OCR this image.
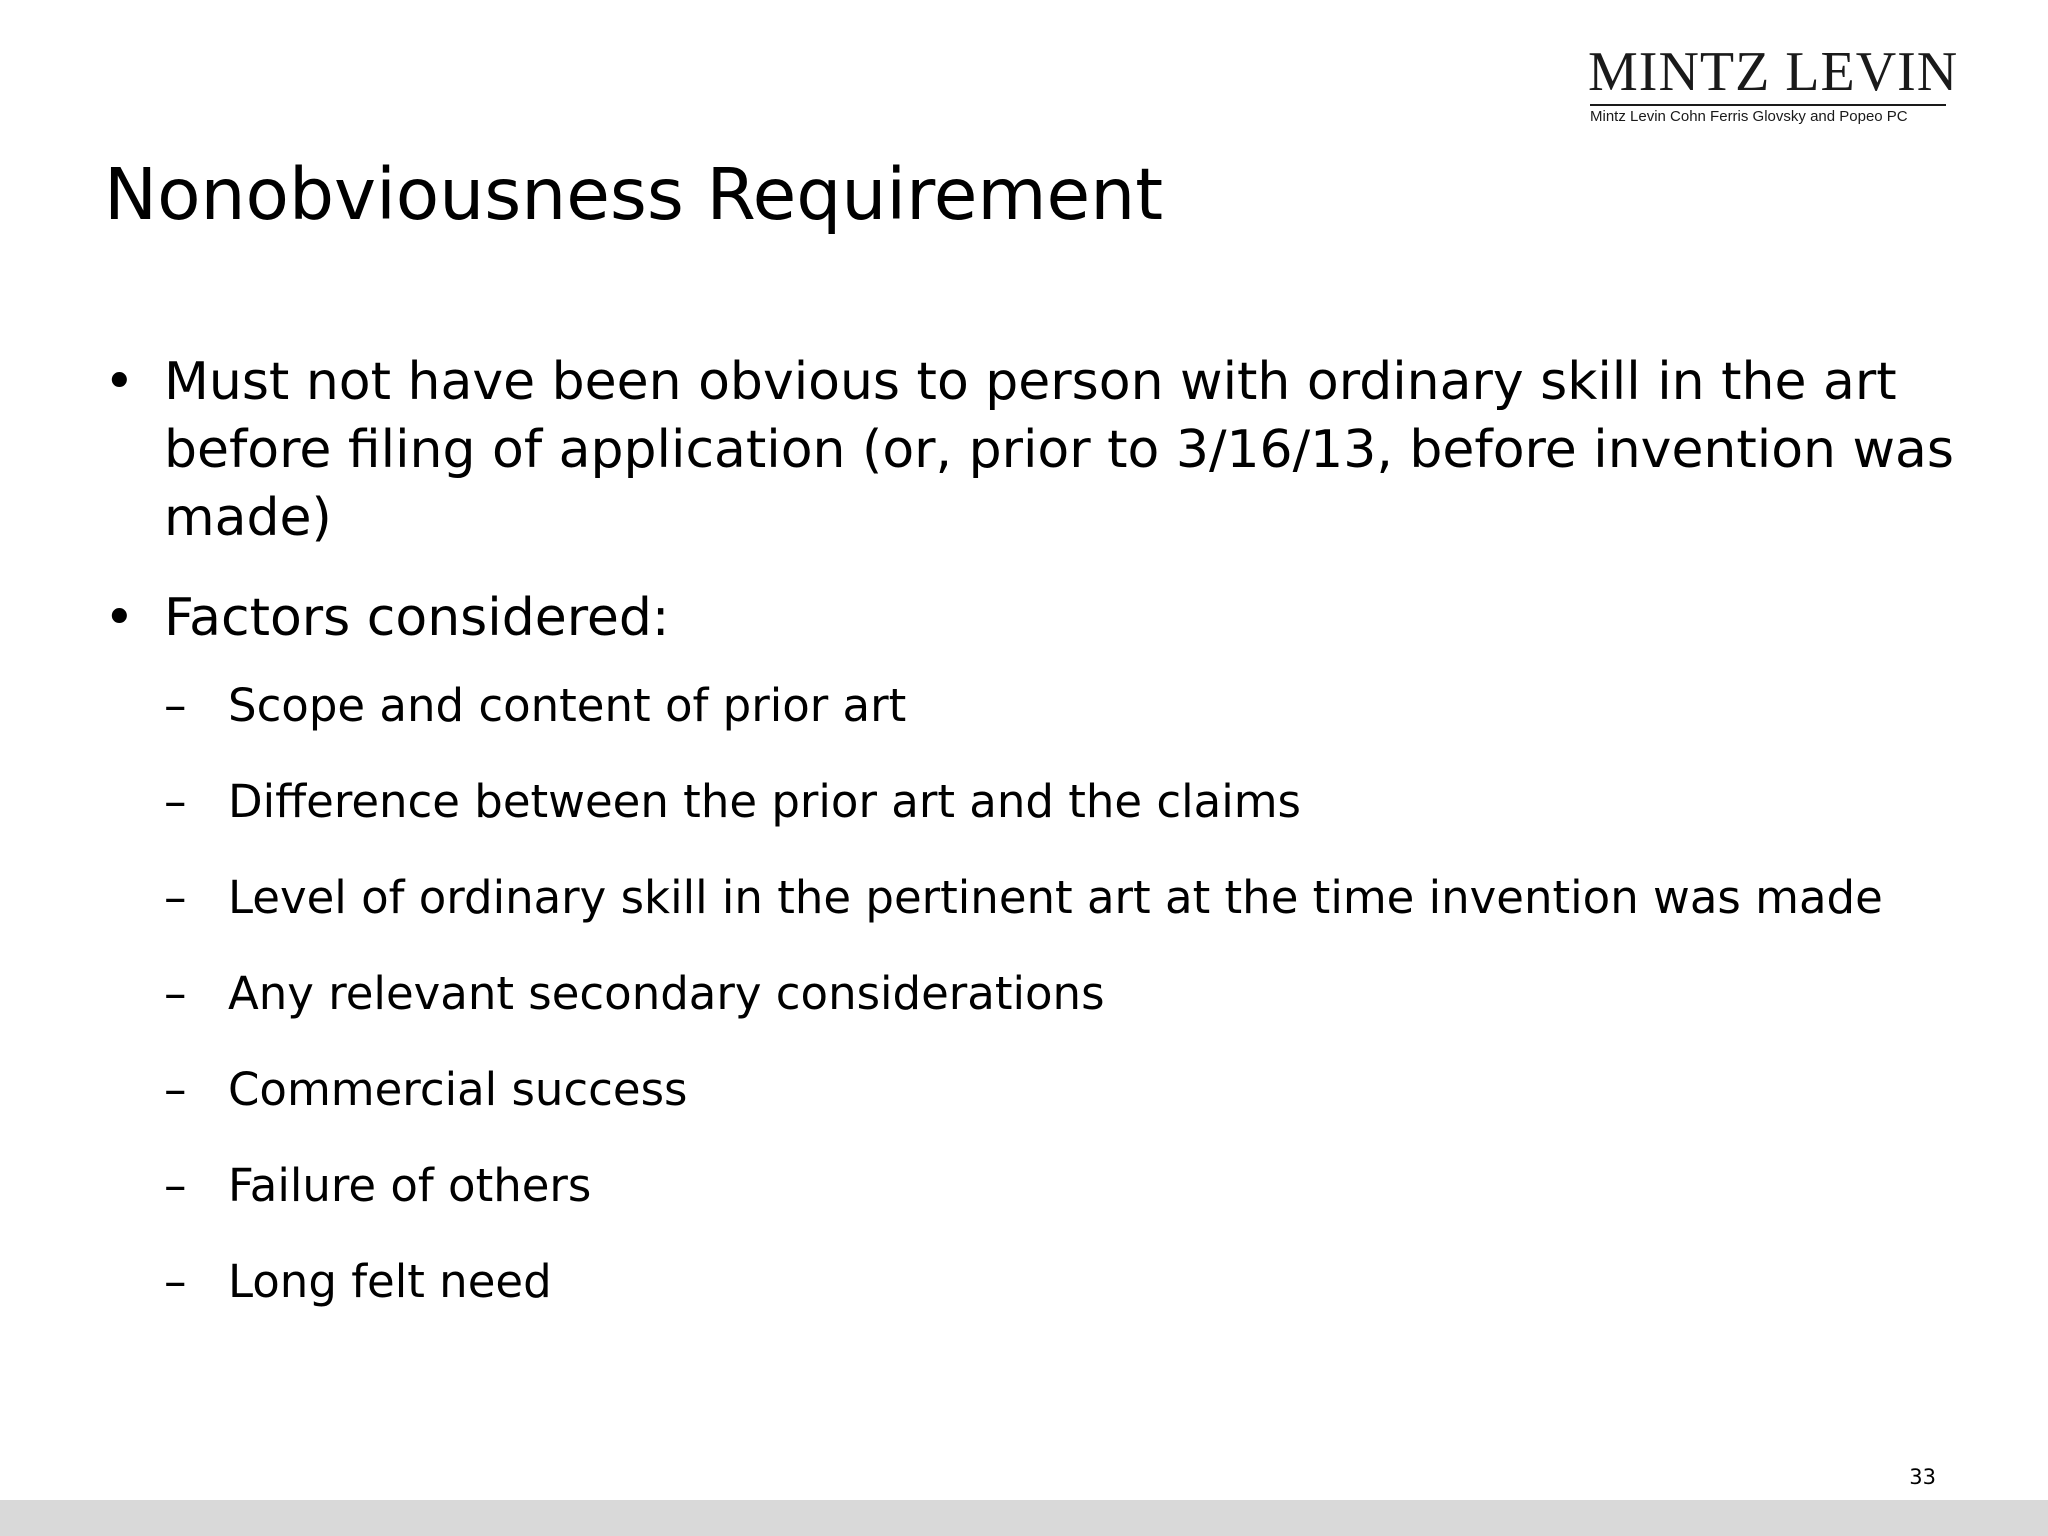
MINTZ LEVIN
Mintz Levin Cohn Ferris Glovsky and Popeo PC
Nonobviousness Requirement
• Must not have been obvious to person with ordinary skill in the art before filing of application (or, prior to 3/16/13, before invention was made)
• Factors considered:
– Scope and content of prior art
– Difference between the prior art and the claims
– Level of ordinary skill in the pertinent art at the time invention was made
– Any relevant secondary considerations
– Commercial success
– Failure of others
– Long felt need
33
